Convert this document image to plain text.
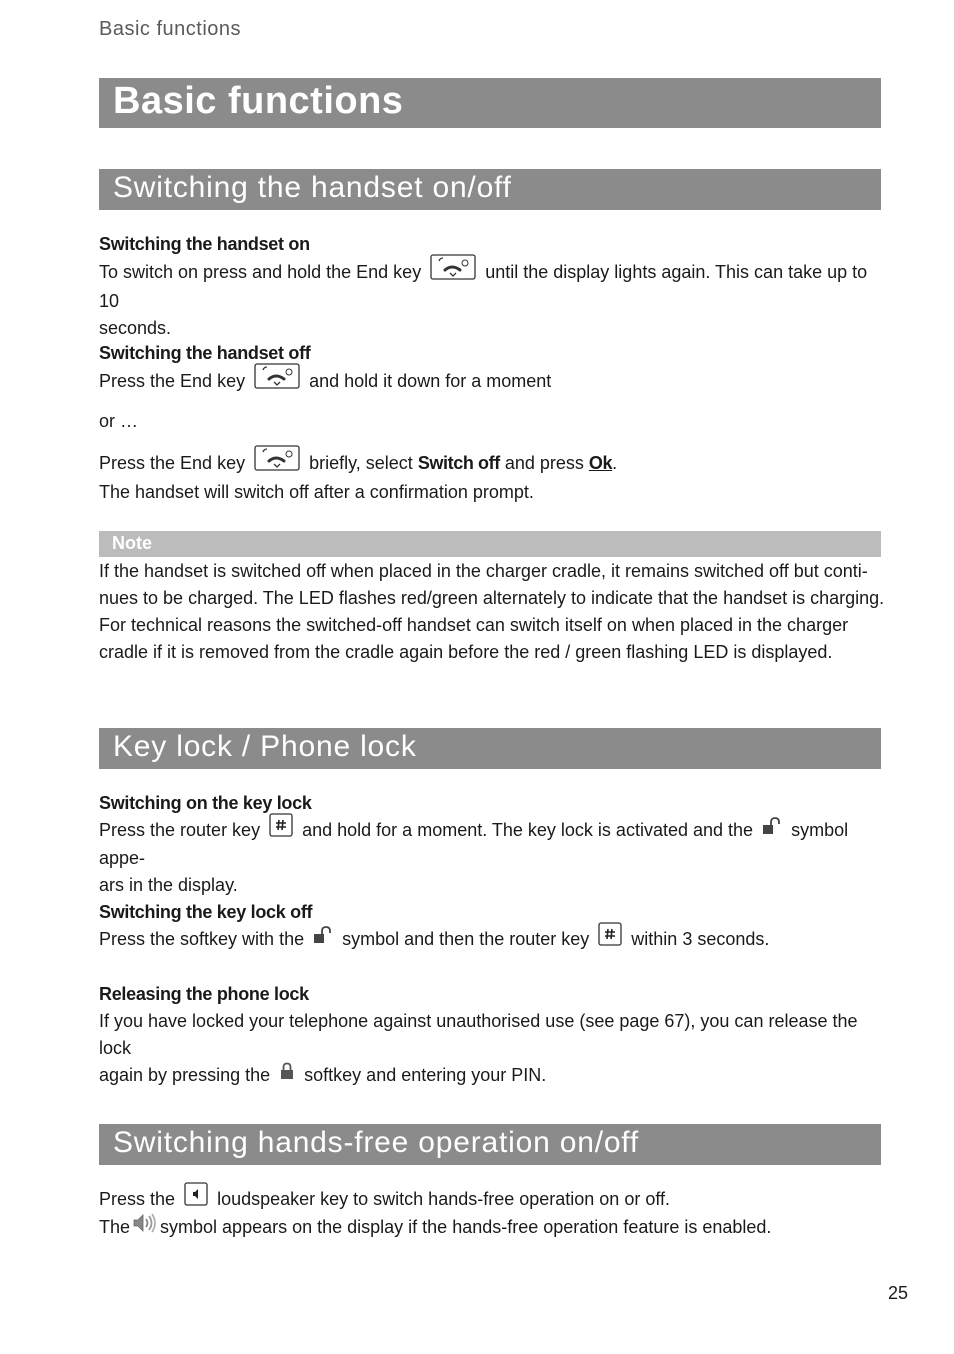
Basic functions
Basic functions
Switching the handset on/off
Switching the handset on
To switch on press and hold the End key	until the display lights again. This can take up to 10
seconds.
Switching the handset off
Press the End key	and hold it down for a moment
or …
Press the End key	briefly, select Switch off and press Ok.
The handset will switch off after a confirmation prompt.
Note
If the handset is switched off when placed in the charger cradle, it remains switched off but conti-
nues to be charged. The LED flashes red/green alternately to indicate that the handset is charging.
For technical reasons the switched-off handset can switch itself on when placed in the charger
cradle if it is removed from the cradle again before the red / green flashing LED is displayed.
Key lock / Phone lock
Switching on the key lock
Press the router key and hold for a moment. The key lock is activated and the symbol appe-
ars in the display.
Switching the key lock off
Press the softkey with the symbol and then the router key within 3 seconds.
Releasing the phone lock
If you have locked your telephone against unauthorised use (see page 67), you can release the lock
again by pressing the softkey and entering your PIN.
Switching hands-free operation on/off
Press the loudspeaker key to switch hands-free operation on or off.
The symbol appears on the display if the hands-free operation feature is enabled.
25
